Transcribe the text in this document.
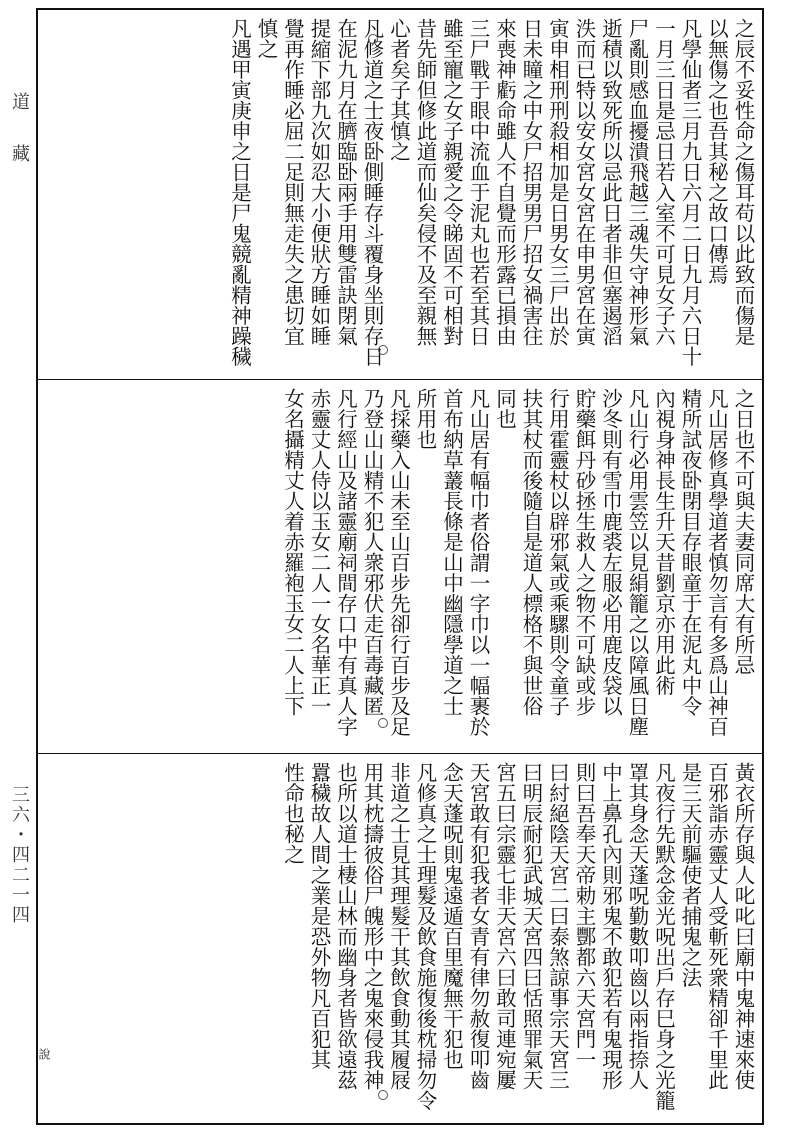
道藏
三六・四二一四
之辰不妥性命之傷耳苟以此致而傷是
以無傷之也吾其秘之故口傳焉
凡學仙者三月九日六月二日九月六日十
一月三日是忌日若入室不可見女子六
尸亂則感血擾潰飛越三魂失守神形氣
逝積以致死所以忌此日者非但塞遏滔
泆而已特以安女宮女宮在申男宮在寅
寅申相刑刑殺相加是日男女三尸出於
日未瞳之中女尸招男男尸招女禍害往
來喪神虧命雖人不自覺而形露已損由
三尸戰于眼中流血于泥丸也若至其日
雖至寵之女子親愛之令睇固不可相對
昔先師但修此道而仙矣侵不及至親無
心者矣子其慎之
凡修道之士夜卧側睡存斗覆身坐則存日
在泥九月在臍臨卧兩手用雙雷訣閉氣
提縮下部九次如忍大小便狀方睡如睡
覺再作睡必屈二足則無走失之患切宜
慎之
凡遇甲寅庚申之日是尸鬼競亂精神躁穢
之日也不可與夫妻同席大有所忌
凡山居修真學道者慎勿言有多爲山神百
精所試夜卧閉目存眼童于在泥丸中令
內視身神長生升天昔劉京亦用此術
凡山行必用雲笠以見絹籠之以障風日塵
沙冬則有雪巾鹿裘左服必用鹿皮袋以
貯藥餌丹砂拯生救人之物不可缺或步
行用霍靈杖以辟邪氣或乘騾則令童子
扶其杖而後隨自是道人標格不與世俗
同也
凡山居有幅巾者俗謂一字巾以一幅裹於
首布納草䕺長條是山中幽隱學道之士
所用也
凡採藥入山未至山百步先卻行百步及足
乃登山山精不犯人衆邪伏走百毒藏匿
凡行經山及諸靈廟祠間存口中有真人字
赤靈丈人侍以玉女二人一女名華正一
女名攝精丈人着赤羅袍玉女二人上下
黃衣所存與人叱叱曰廟中鬼神速來使
百邪詣赤靈丈人受斬死衆精卻千里此
是三天前驅使者捕鬼之法
凡夜行先默念金光呪出戶存巳身之光籠
罩其身念天蓬呪勤數叩齒以兩指捺人
中上鼻孔內則邪鬼不敢犯若有鬼現形
則曰吾奉天帝勅主酆都六天宮門一
曰紂絕陰天宮二曰泰煞諒事宗天宮三
曰明辰耐犯武城天宮四曰恬照罪氣天
宮五曰宗靈七非天宮六曰敢司連宛屢
天宮敢有犯我者女青有律勿赦復叩齒
念天蓬呪則鬼遠遁百里魔無干犯也
凡修真之士理髮及飲食施復後枕掃勿令
非道之士見其理髮干其飲食動其履屐
用其枕擣彼俗尸魄形中之鬼來侵我神
也所以道士棲山林而幽身者皆欲遠茲
囂穢故人間之業是恐外物凡百犯其
性命也秘之
說
